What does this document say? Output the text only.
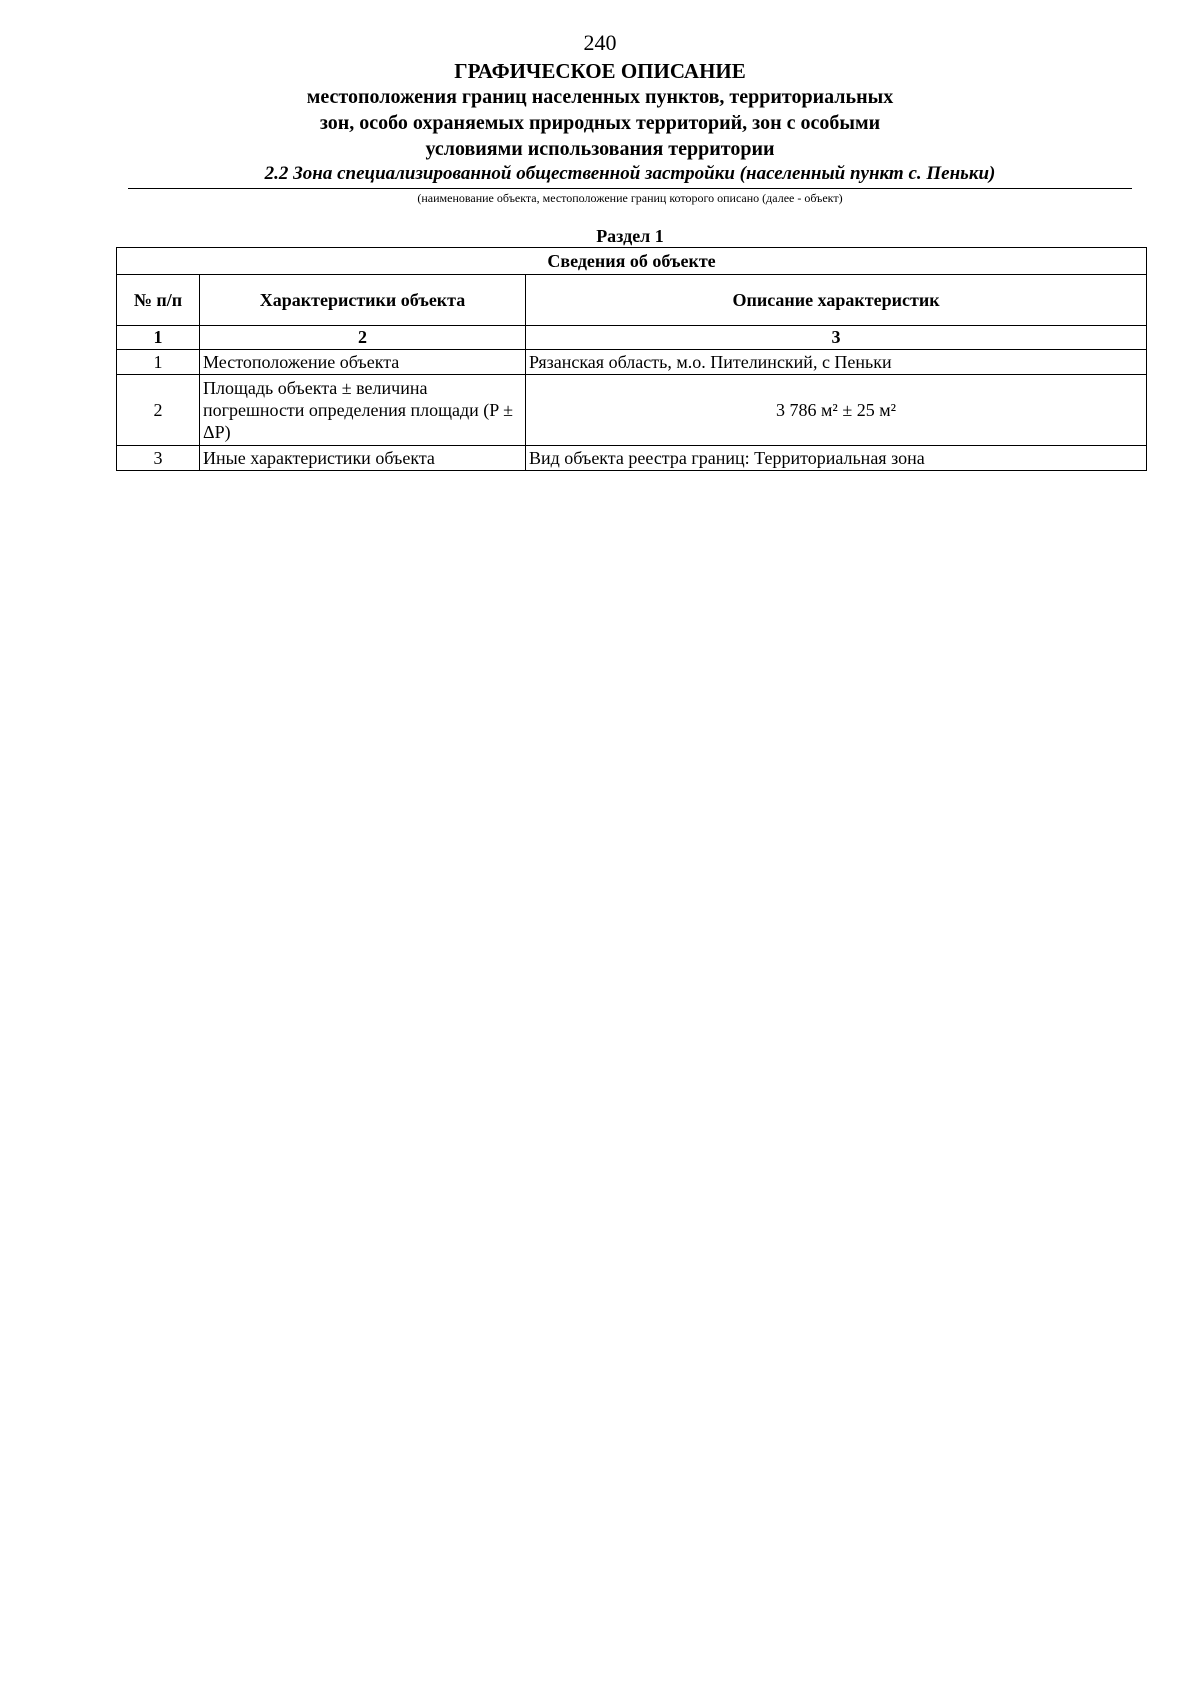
240
ГРАФИЧЕСКОЕ ОПИСАНИЕ
местоположения границ населенных пунктов, территориальных
зон, особо охраняемых природных территорий, зон с особыми
условиями использования территории
2.2 Зона специализированной общественной застройки (населенный пункт с. Пеньки)
(наименование объекта, местоположение границ которого описано (далее - объект)
Раздел 1
Сведения об объекте		
№ п/п	Характеристики объекта	Описание характеристик
1	2	3
1	Местоположение объекта	Рязанская область, м.о. Пителинский, с Пеньки
2	Площадь объекта ± величина погрешности определения площади (P ± ΔP)	3 786 м² ± 25 м²
3	Иные характеристики объекта	Вид объекта реестра границ: Территориальная зона
